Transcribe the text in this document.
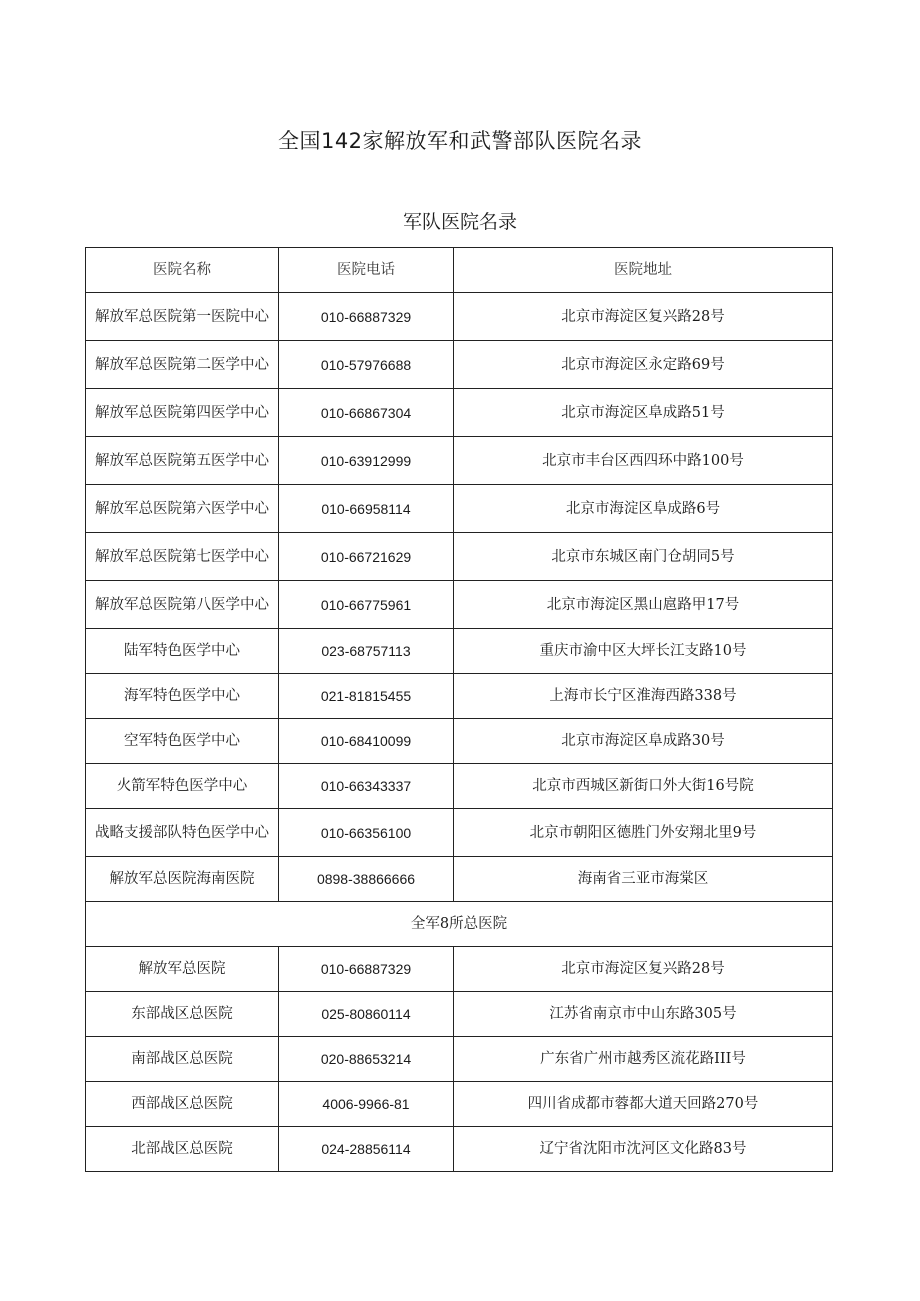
全国142家解放军和武警部队医院名录
军队医院名录
医院名称	医院电话	医院地址
解放军总医院第一医院中心	010-66887329	北京市海淀区复兴路28号
解放军总医院第二医学中心	010-57976688	北京市海淀区永定路69号
解放军总医院第四医学中心	010-66867304	北京市海淀区阜成路51号
解放军总医院第五医学中心	010-63912999	北京市丰台区西四环中路100号
解放军总医院第六医学中心	010-66958114	北京市海淀区阜成路6号
解放军总医院第七医学中心	010-66721629	北京市东城区南门仓胡同5号
解放军总医院第八医学中心	010-66775961	北京市海淀区黑山扈路甲17号
陆军特色医学中心	023-68757113	重庆市渝中区大坪长江支路10号
海军特色医学中心	021-81815455	上海市长宁区淮海西路338号
空军特色医学中心	010-68410099	北京市海淀区阜成路30号
火箭军特色医学中心	010-66343337	北京市西城区新街口外大街16号院
战略支援部队特色医学中心	010-66356100	北京市朝阳区德胜门外安翔北里9号
解放军总医院海南医院	0898-38866666	海南省三亚市海棠区
全军8所总医院		
解放军总医院	010-66887329	北京市海淀区复兴路28号
东部战区总医院	025-80860114	江苏省南京市中山东路305号
南部战区总医院	020-88653214	广东省广州市越秀区流花路III号
西部战区总医院	4006-9966-81	四川省成都市蓉都大道天回路270号
北部战区总医院	024-28856114	辽宁省沈阳市沈河区文化路83号
